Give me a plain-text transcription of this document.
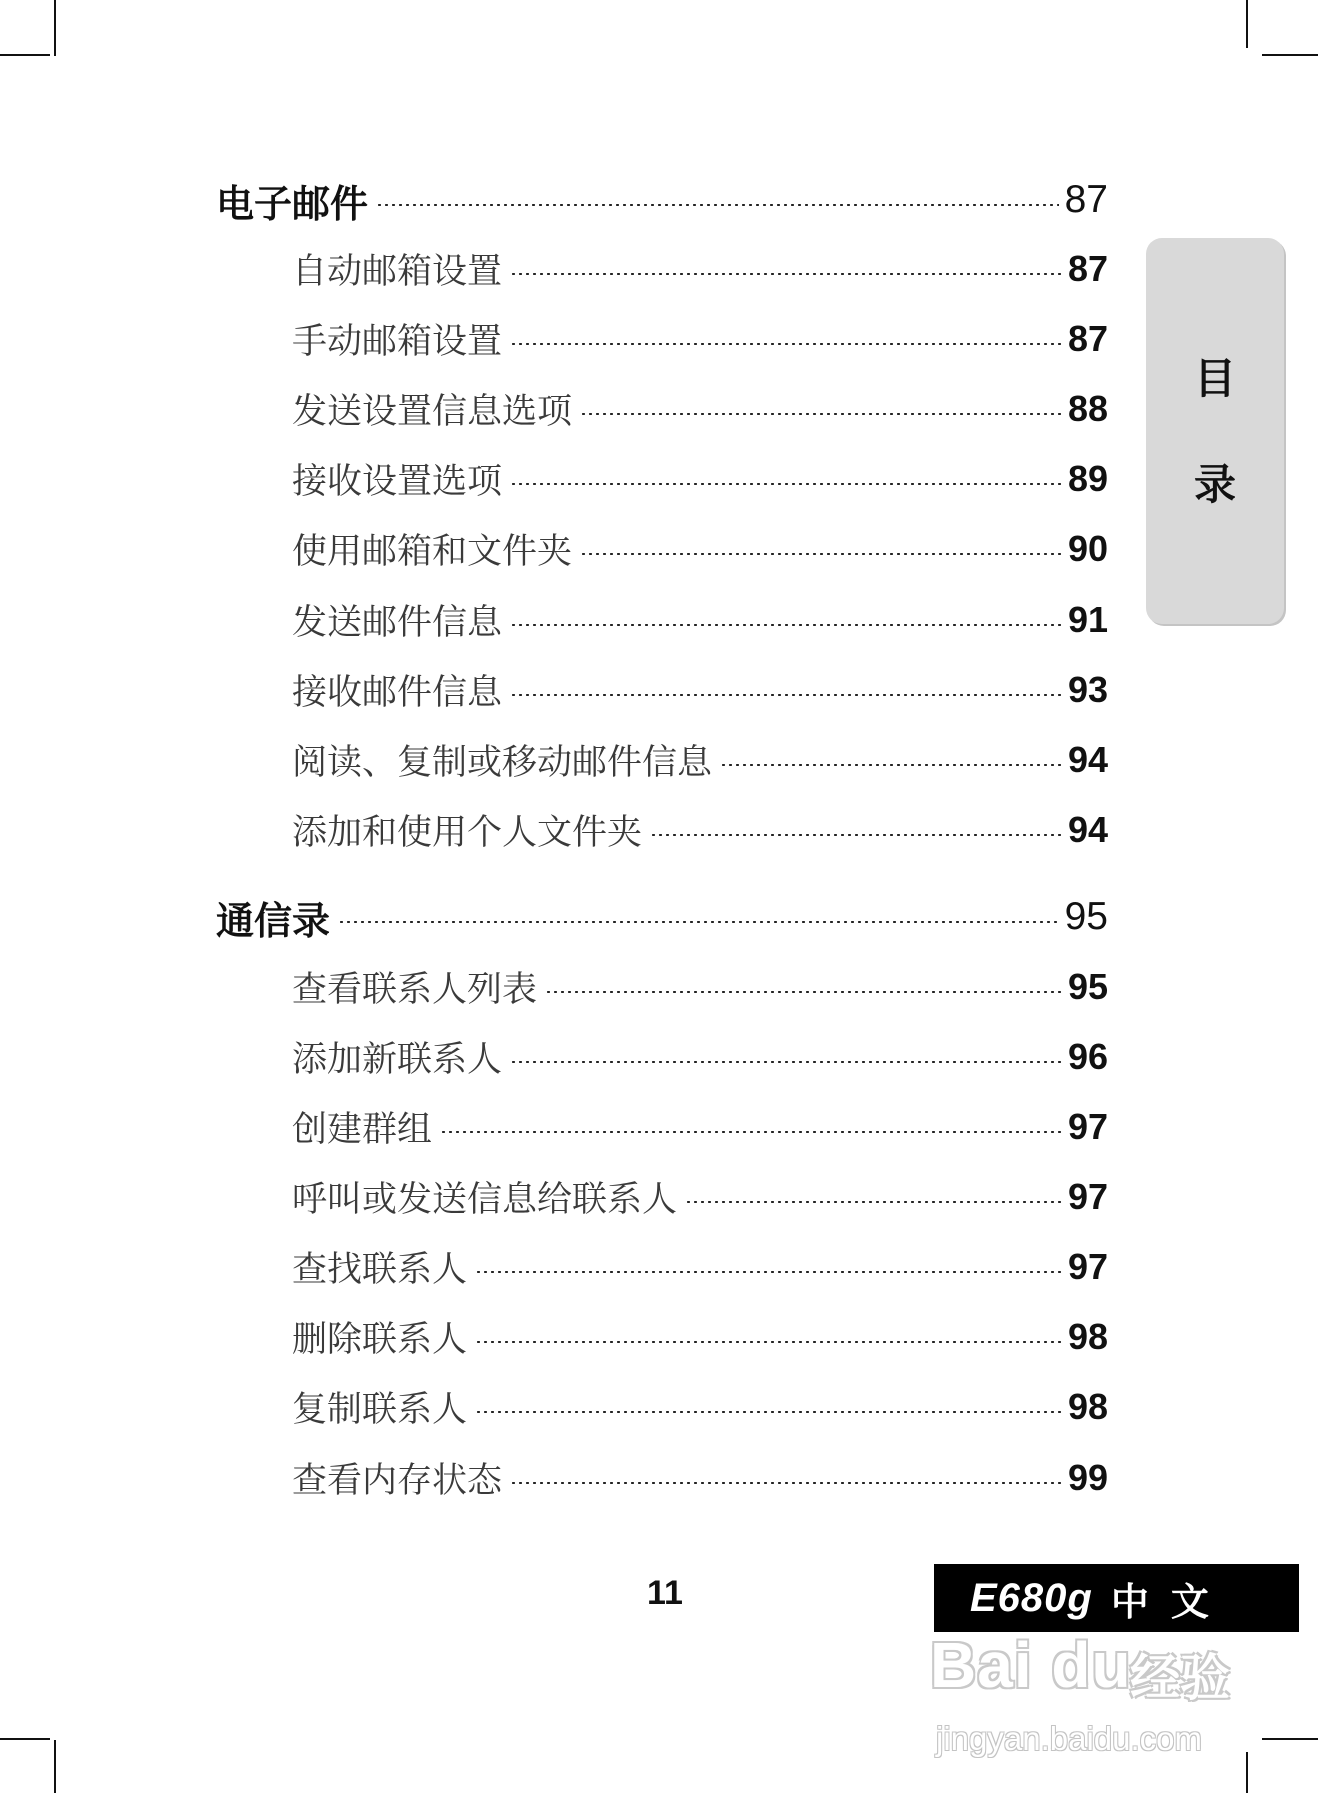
电子邮件	87
自动邮箱设置	87
手动邮箱设置	87
发送设置信息选项	88
接收设置选项	89
使用邮箱和文件夹	90
发送邮件信息	91
接收邮件信息	93
阅读、复制或移动邮件信息	94
添加和使用个人文件夹	94
通信录	95
查看联系人列表	95
添加新联系人	96
创建群组	97
呼叫或发送信息给联系人	97
查找联系人	97
删除联系人	98
复制联系人	98
查看内存状态	99
目
录
11	E680g 中文
Bai du
经验
jingyan.baidu.com
